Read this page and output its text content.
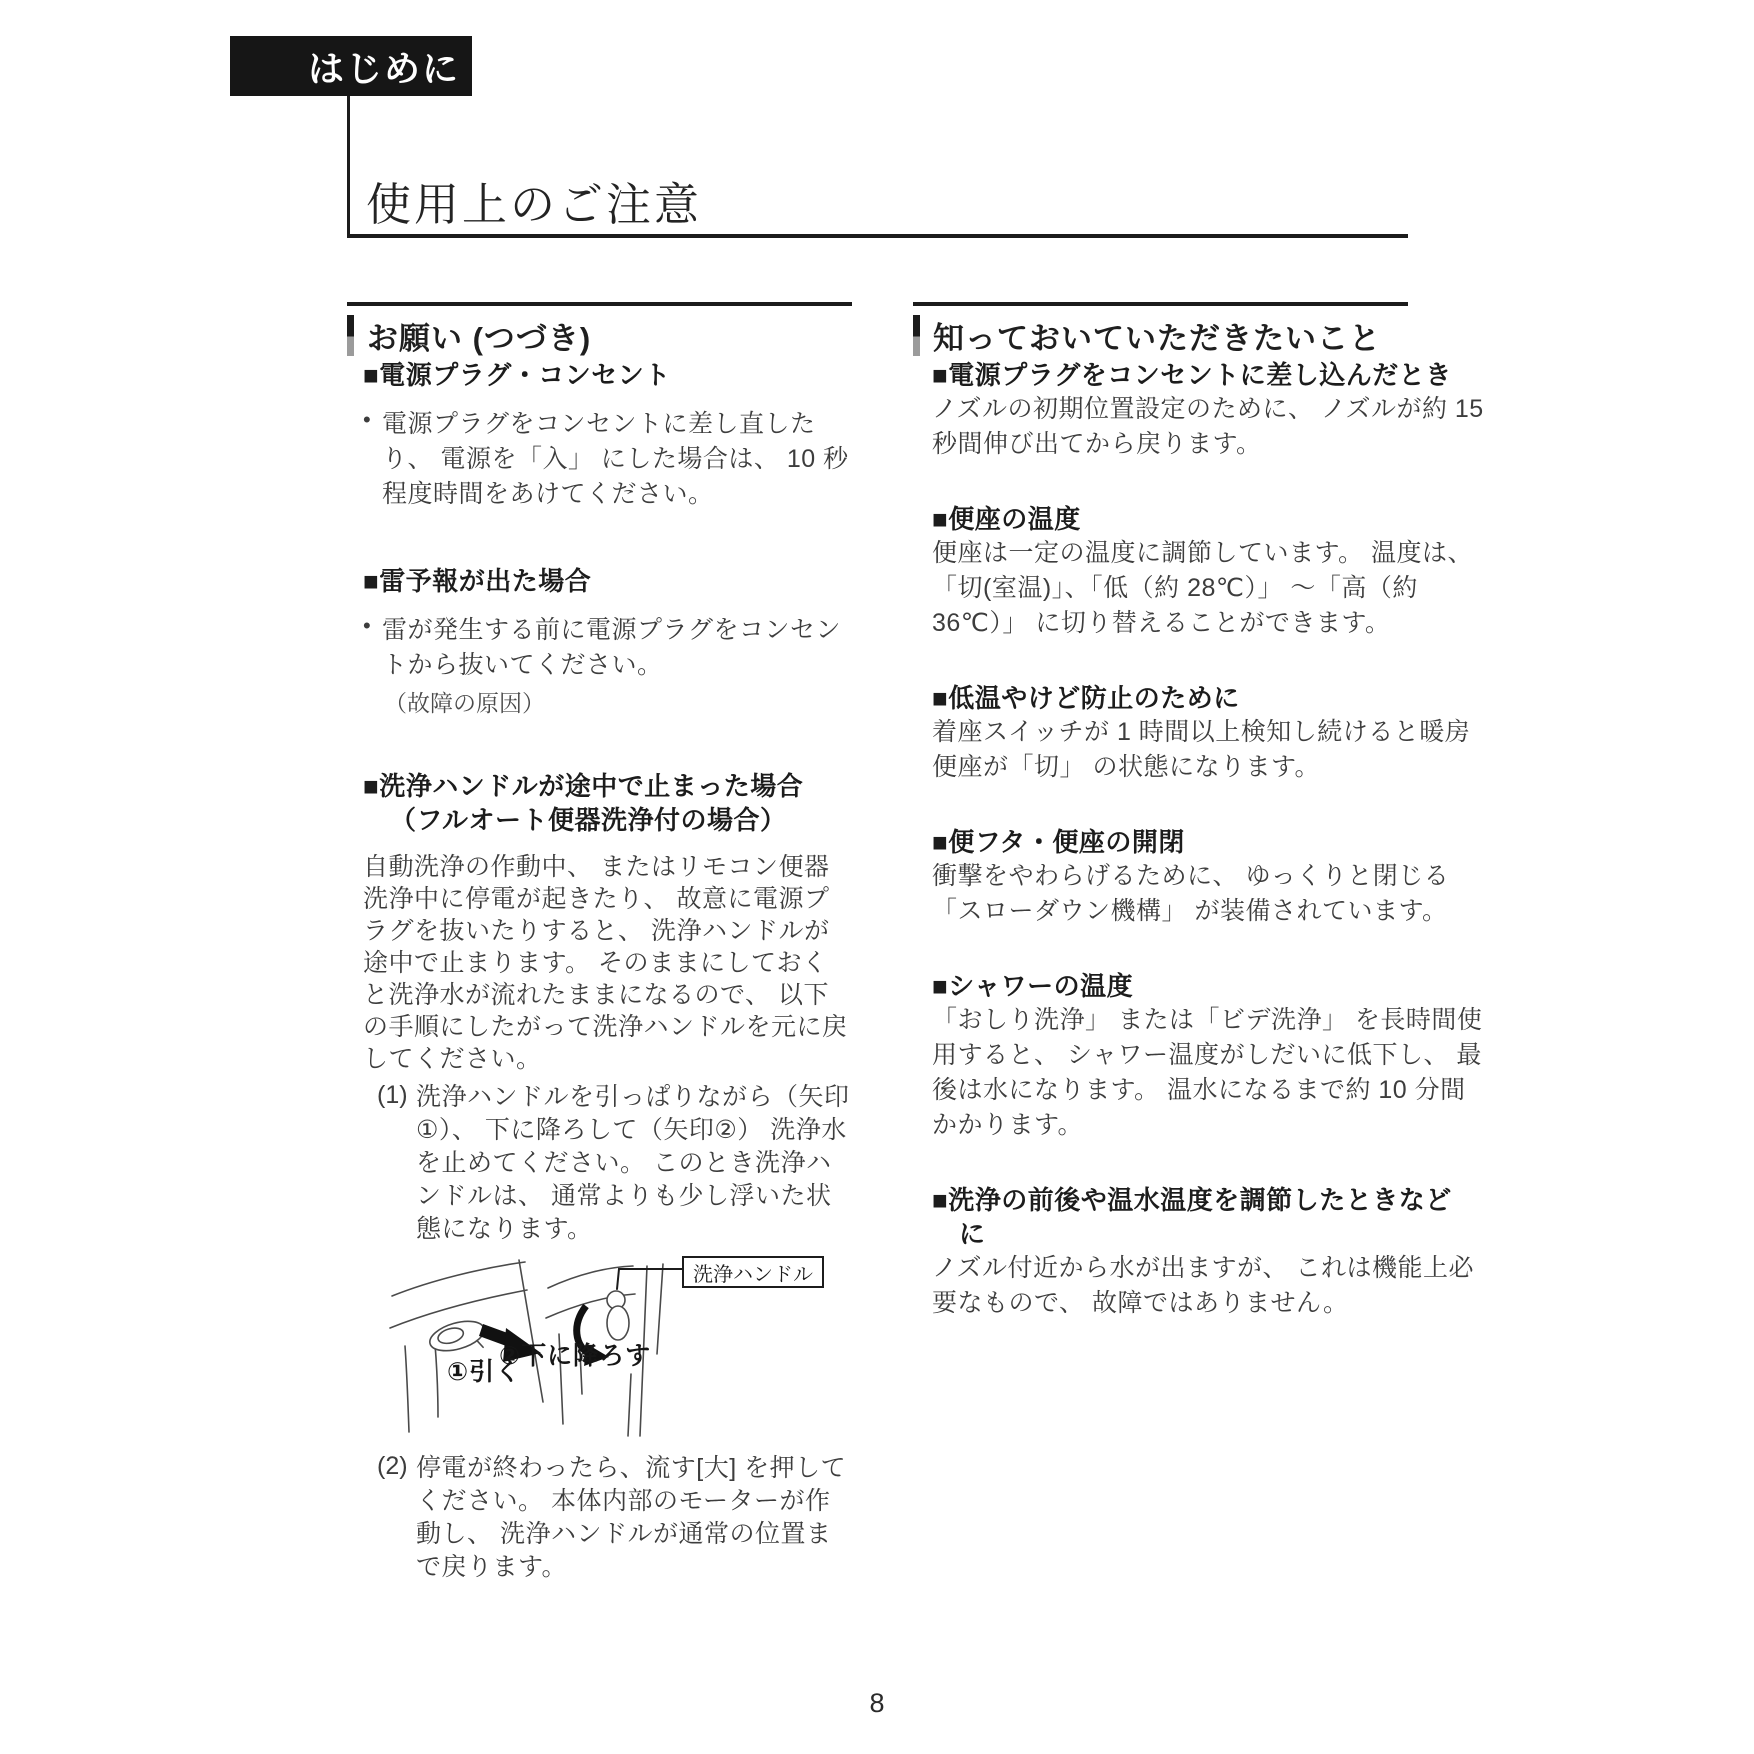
はじめに
使用上のご注意
お願い (つづき)
■電源プラグ・コンセント
• 電源プラグをコンセントに差し直したり、 電源を「入」 にした場合は、 10 秒程度時間をあけてください。

■雷予報が出た場合
• 雷が発生する前に電源プラグをコンセントから抜いてください。

（故障の原因）

■洗浄ハンドルが途中で止まった場合（フルオート便器洗浄付の場合）

自動洗浄の作動中、 またはリモコン便器洗浄中に停電が起きたり、 故意に電源プラグを抜いたりすると、 洗浄ハンドルが途中で止まります。 そのままにしておくと洗浄水が流れたままになるので、 以下の手順にしたがって洗浄ハンドルを元に戻してください。

(1) 洗浄ハンドルを引っぱりながら（矢印①）、 下に降ろして（矢印②） 洗浄水を止めてください。 このとき洗浄ハンドルは、 通常よりも少し浮いた状態になります。

①引く
②下に降ろす
洗浄ハンドル
(2) 停電が終わったら、流す[大] を押してください。 本体内部のモーターが作動し、 洗浄ハンドルが通常の位置まで戻ります。

知っておいていただきたいこと
■電源プラグをコンセントに差し込んだとき

ノズルの初期位置設定のために、 ノズルが約 15 秒間伸び出てから戻ります。

■便座の温度

便座は一定の温度に調節しています。 温度は、「切(室温)」、「低（約 28℃）」 〜「高（約 36℃）」 に切り替えることができます。

■低温やけど防止のために

着座スイッチが 1 時間以上検知し続けると暖房便座が「切」 の状態になります。

■便フタ・便座の開閉

衝撃をやわらげるために、 ゆっくりと閉じる「スローダウン機構」 が装備されています。

■シャワーの温度

「おしり洗浄」 または「ビデ洗浄」 を長時間使用すると、 シャワー温度がしだいに低下し、 最後は水になります。 温水になるまで約 10 分間かかります。

■洗浄の前後や温水温度を調節したときなどに

ノズル付近から水が出ますが、 これは機能上必要なもので、 故障ではありません。

8
